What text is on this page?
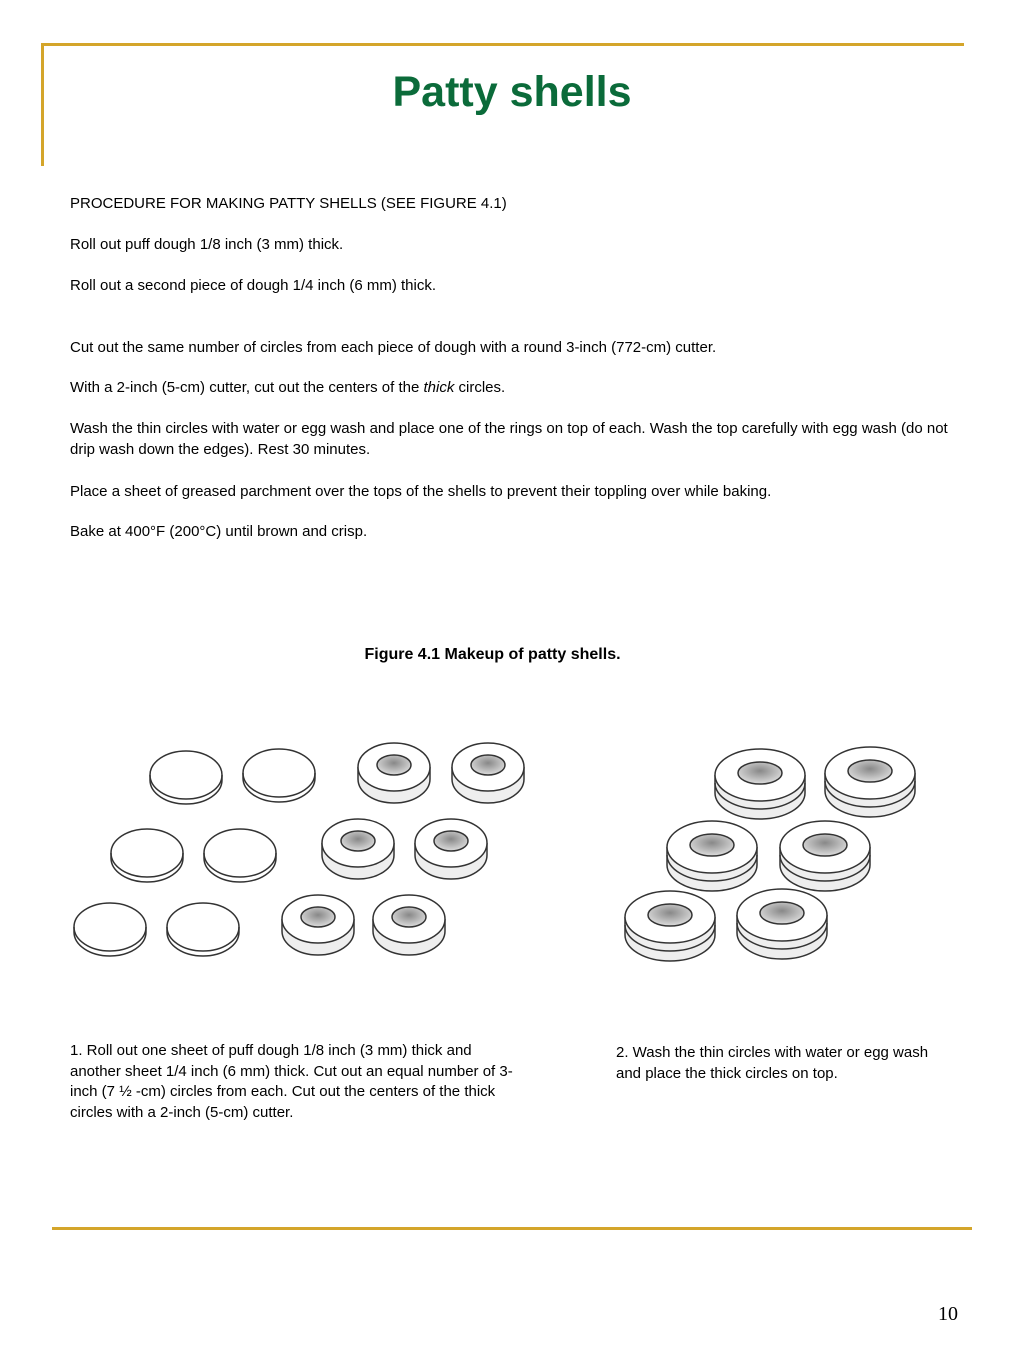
Patty shells

PROCEDURE FOR MAKING PATTY SHELLS (SEE FIGURE 4.1)

Roll out puff dough 1/8 inch (3 mm) thick.

Roll out a second piece of dough 1/4 inch (6 mm) thick.

Cut out the same number of circles from each piece of dough with a round 3-inch (772-cm) cutter.

With a 2-inch (5-cm) cutter, cut out the centers of the thick circles.

Wash the thin circles with water or egg wash and place one of the rings on top of each. Wash the top carefully with egg wash (do not drip wash down the edges). Rest 30 minutes.

Place a sheet of greased parchment over the tops of the shells to prevent their toppling over while baking.

Bake at 400°F (200°C) until brown and crisp.

Figure 4.1 Makeup of patty shells.

1. Roll out one sheet of puff dough 1/8 inch (3 mm) thick and another sheet 1/4 inch (6 mm) thick. Cut out an equal number of 3-inch (7 ½ -cm) circles from each. Cut out the centers of the thick circles with a 2-inch (5-cm) cutter.

2. Wash the thin circles with water or egg wash and place the thick circles on top.

10
